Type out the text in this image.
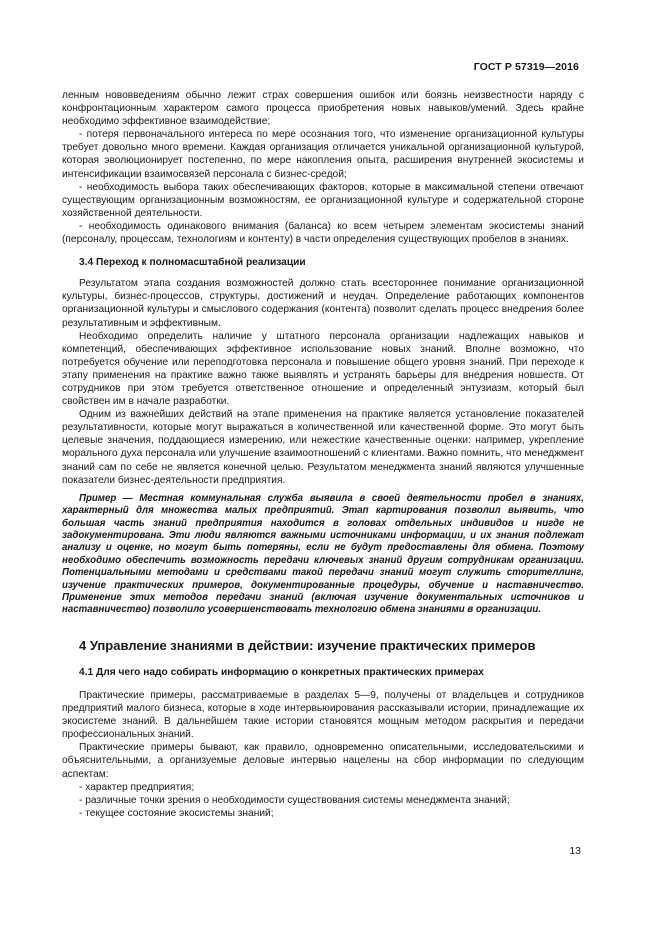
ГОСТ Р 57319—2016

ленным нововведениям обычно лежит страх совершения ошибок или боязнь неизвестности наряду с конфронтационным характером самого процесса приобретения новых навыков/умений. Здесь крайне необходимо эффективное взаимодействие;

- потеря первоначального интереса по мере осознания того, что изменение организационной культуры требует довольно много времени. Каждая организация отличается уникальной организационной культурой, которая эволюционирует постепенно, по мере накопления опыта, расширения внутренней экосистемы и интенсификации взаимосвязей персонала с бизнес-средой;

- необходимость выбора таких обеспечивающих факторов, которые в максимальной степени отвечают существующим организационным возможностям, ее организационной культуре и содержательной стороне хозяйственной деятельности.

- необходимость одинакового внимания (баланса) ко всем четырем элементам экосистемы знаний (персоналу, процессам, технологиям и контенту) в части определения существующих пробелов в знаниях.

3.4 Переход к полномасштабной реализации

Результатом этапа создания возможностей должно стать всестороннее понимание организационной культуры, бизнес-процессов, структуры, достижений и неудач. Определение работающих компонентов организационной культуры и смыслового содержания (контента) позволит сделать процесс внедрения более результативным и эффективным.

Необходимо определить наличие у штатного персонала организации надлежащих навыков и компетенций, обеспечивающих эффективное использование новых знаний. Вполне возможно, что потребуется обучение или переподготовка персонала и повышение общего уровня знаний. При переходе к этапу применения на практике важно также выявлять и устранять барьеры для внедрения новшеств. От сотрудников при этом требуется ответственное отношение и определенный энтузиазм, который был свойствен им в начале разработки.

Одним из важнейших действий на этапе применения на практике является установление показателей результативности, которые могут выражаться в количественной или качественной форме. Это могут быть целевые значения, поддающиеся измерению, или нежесткие качественные оценки: например, укрепление морального духа персонала или улучшение взаимоотношений с клиентами. Важно помнить, что менеджмент знаний сам по себе не является конечной целью. Результатом менеджмента знаний являются улучшенные показатели бизнес-деятельности предприятия.

Пример — Местная коммунальная служба выявила в своей деятельности пробел в знаниях, характерный для множества малых предприятий. Этап картирования позволил выявить, что большая часть знаний предприятия находится в головах отдельных индивидов и нигде не задокументирована. Эти люди являются важными источниками информации, и их знания подлежат анализу и оценке, но могут быть потеряны, если не будут предоставлены для обмена. Поэтому необходимо обеспечить возможность передачи ключевых знаний другим сотрудникам организации. Потенциальными методами и средствами такой передачи знаний могут служить сторителлинг, изучение практических примеров, документированные процедуры, обучение и наставничество. Применение этих методов передачи знаний (включая изучение документальных источников и наставничество) позволило усовершенствовать технологию обмена знаниями в организации.

4 Управление знаниями в действии: изучение практических примеров
4.1 Для чего надо собирать информацию о конкретных практических примерах

Практические примеры, рассматриваемые в разделах 5—9, получены от владельцев и сотрудников предприятий малого бизнеса, которые в ходе интервьюирования рассказывали истории, принадлежащие их экосистеме знаний. В дальнейшем такие истории становятся мощным методом раскрытия и передачи профессиональных знаний.

Практические примеры бывают, как правило, одновременно описательными, исследовательскими и объяснительными, а организуемые деловые интервью нацелены на сбор информации по следующим аспектам:

- характер предприятия;

- различные точки зрения о необходимости существования системы менеджмента знаний;

- текущее состояние экосистемы знаний;

13
